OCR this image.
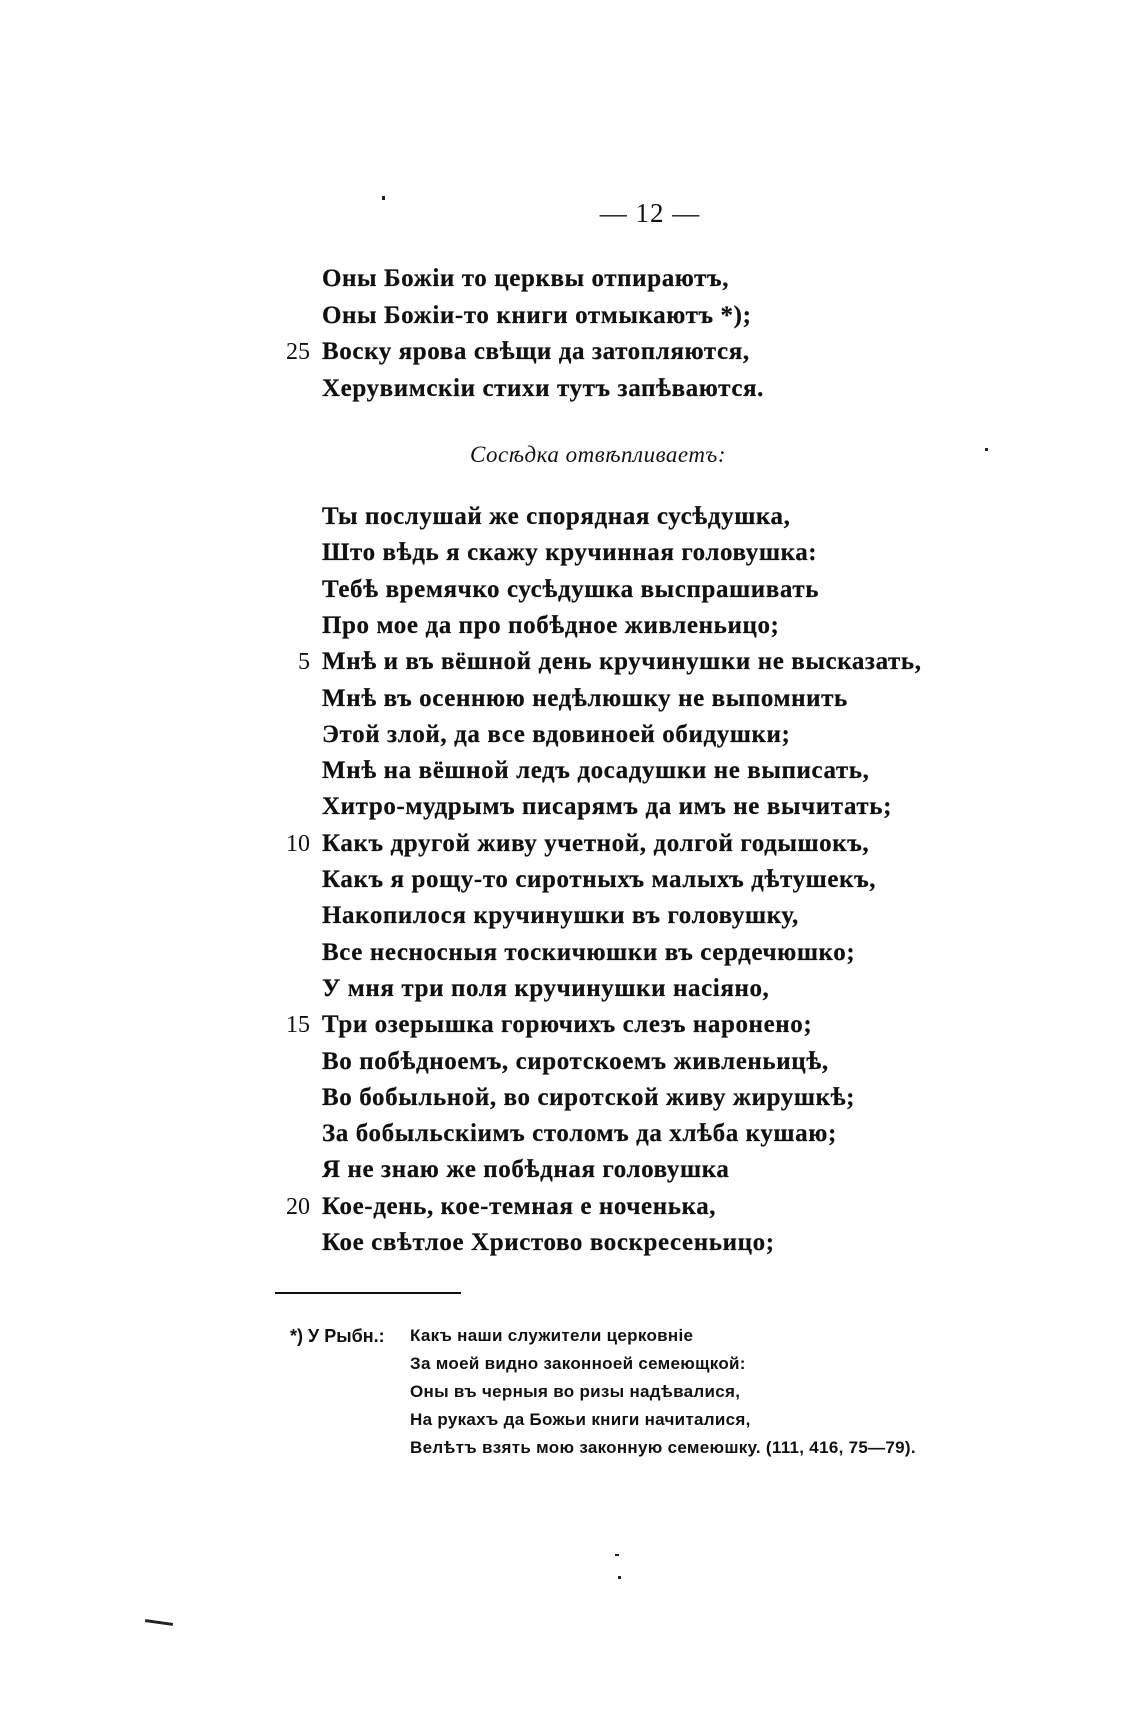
— 12 —
Оны Божіи то церквы отпираютъ,
Оны Божіи-то книги отмыкаютъ *);
25 Воску ярова свѣщи да затопляются,
Херувимскіи стихи тутъ запѣваются.
Сосѣдка отвѣпливаетъ:
Ты послушай же спорядная сусѣдушка,
Што вѣдь я скажу кручинная головушка:
Тебѣ времячко сусѣдушка выспрашивать
Про мое да про побѣдное живленьицо;
5 Мнѣ и въ вёшной день кручинушки не высказать,
Мнѣ въ осеннюю недѣлюшку не выпомнить
Этой злой, да все вдовиноей обидушки;
Мнѣ на вёшной ледъ досадушки не выписать,
Хитро-мудрымъ писарямъ да имъ не вычитать;
10 Какъ другой живу учетной, долгой годышокъ,
Какъ я рощу-то сиротныхъ малыхъ дѣтушекъ,
Накопилося кручинушки въ головушку,
Все несносныя тоскичюшки въ сердечюшко;
У мня три поля кручинушки насіяно,
15 Три озерышка горючихъ слезъ наронено;
Во побѣдноемъ, сиротскоемъ живленьицѣ,
Во бобыльной, во сиротской живу жирушкѣ;
За бобыльскіимъ столомъ да хлѣба кушаю;
Я не знаю же побѣдная головушка
20 Кое-день, кое-темная е ноченька,
Кое свѣтлое Христово воскресеньицо;
*) У Рыбн.: Какъ наши служители церковніе
За моей видно законноей семеющкой:
Оны въ черныя во ризы надѣвалися,
На рукахъ да Божьи книги начиталися,
Велѣтъ взять мою законную семеюшку. (111, 416, 75—79).
